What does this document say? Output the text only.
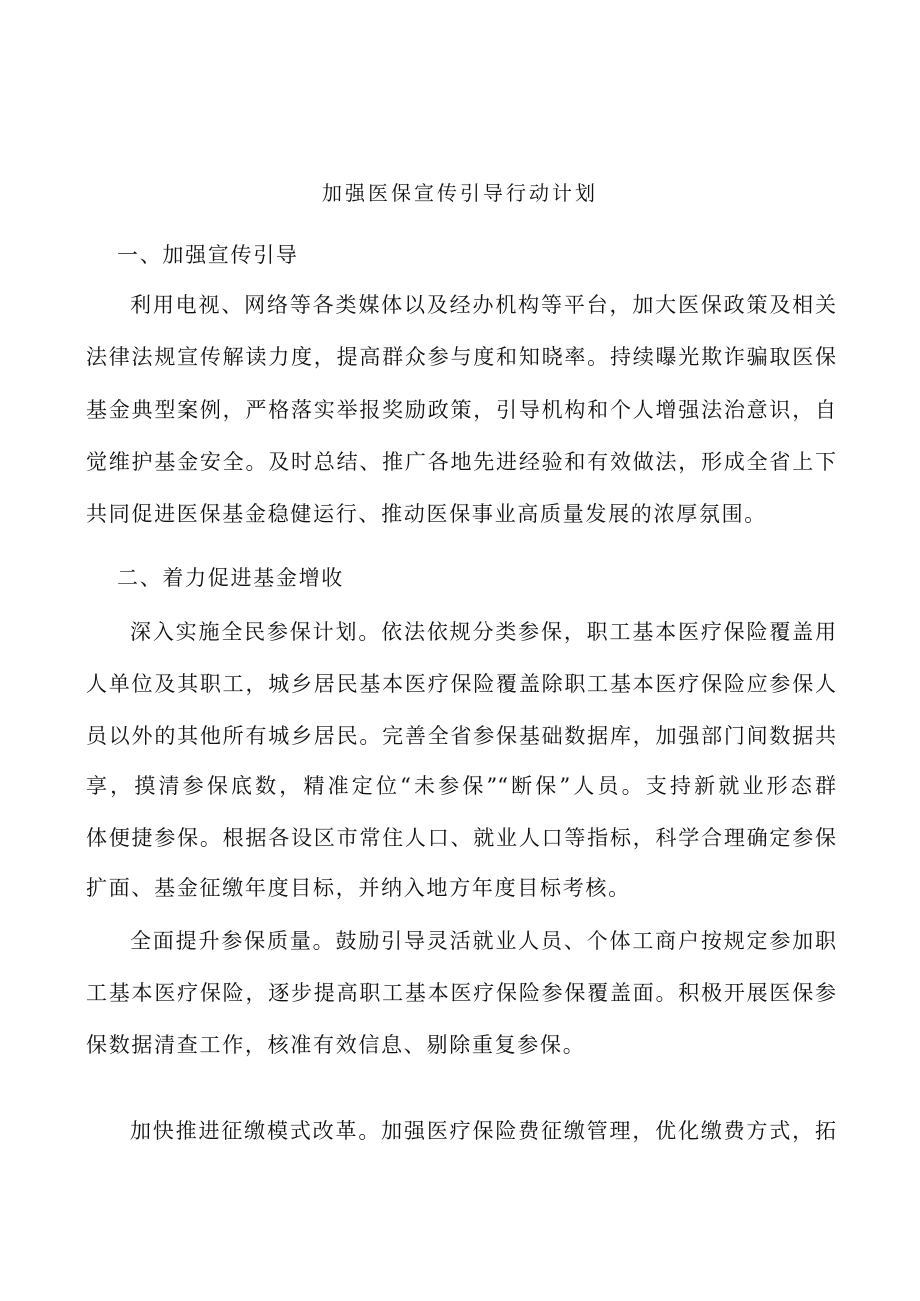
加强医保宣传引导行动计划
一、加强宣传引导
利用电视、网络等各类媒体以及经办机构等平台，加大医保政策及相关
法律法规宣传解读力度，提高群众参与度和知晓率。持续曝光欺诈骗取医保
基金典型案例，严格落实举报奖励政策，引导机构和个人增强法治意识，自
觉维护基金安全。及时总结、推广各地先进经验和有效做法，形成全省上下
共同促进医保基金稳健运行、推动医保事业高质量发展的浓厚氛围。
二、着力促进基金增收
深入实施全民参保计划。依法依规分类参保，职工基本医疗保险覆盖用
人单位及其职工，城乡居民基本医疗保险覆盖除职工基本医疗保险应参保人
员以外的其他所有城乡居民。完善全省参保基础数据库，加强部门间数据共
享，摸清参保底数，精准定位“未参保”“断保”人员。支持新就业形态群
体便捷参保。根据各设区市常住人口、就业人口等指标，科学合理确定参保
扩面、基金征缴年度目标，并纳入地方年度目标考核。
全面提升参保质量。鼓励引导灵活就业人员、个体工商户按规定参加职
工基本医疗保险，逐步提高职工基本医疗保险参保覆盖面。积极开展医保参
保数据清查工作，核准有效信息、剔除重复参保。
加快推进征缴模式改革。加强医疗保险费征缴管理，优化缴费方式，拓
